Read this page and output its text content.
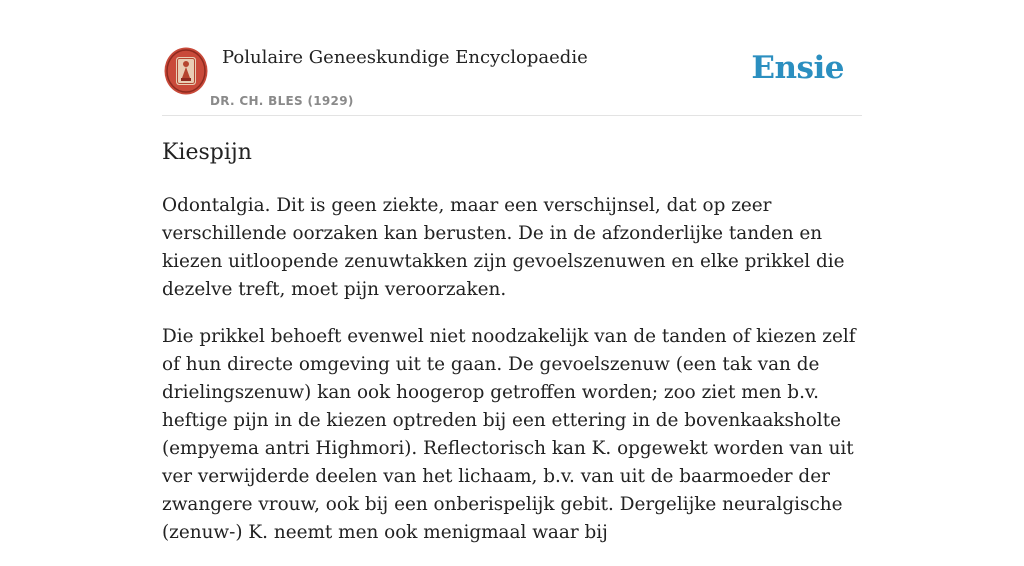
Polulaire Geneeskundige Encyclopaedie
DR. CH. BLES (1929)
Ensie
Kiespijn

Odontalgia. Dit is geen ziekte, maar een verschijnsel, dat op zeer verschillende oorzaken kan berusten. De in de afzonderlijke tanden en kiezen uitloopende zenuwtakken zijn gevoelszenuwen en elke prikkel die dezelve treft, moet pijn veroorzaken.

Die prikkel behoeft evenwel niet noodzakelijk van de tanden of kiezen zelf of hun directe omgeving uit te gaan. De gevoelszenuw (een tak van de drielingszenuw) kan ook hoogerop getroffen worden; zoo ziet men b.v. heftige pijn in de kiezen optreden bij een ettering in de bovenkaaksholte (empyema antri Highmori). Reflectorisch kan K. opgewekt worden van uit ver verwijderde deelen van het lichaam, b.v. van uit de baarmoeder der zwangere vrouw, ook bij een onberispelijk gebit. Dergelijke neuralgische (zenuw-) K. neemt men ook menigmaal waar bij
